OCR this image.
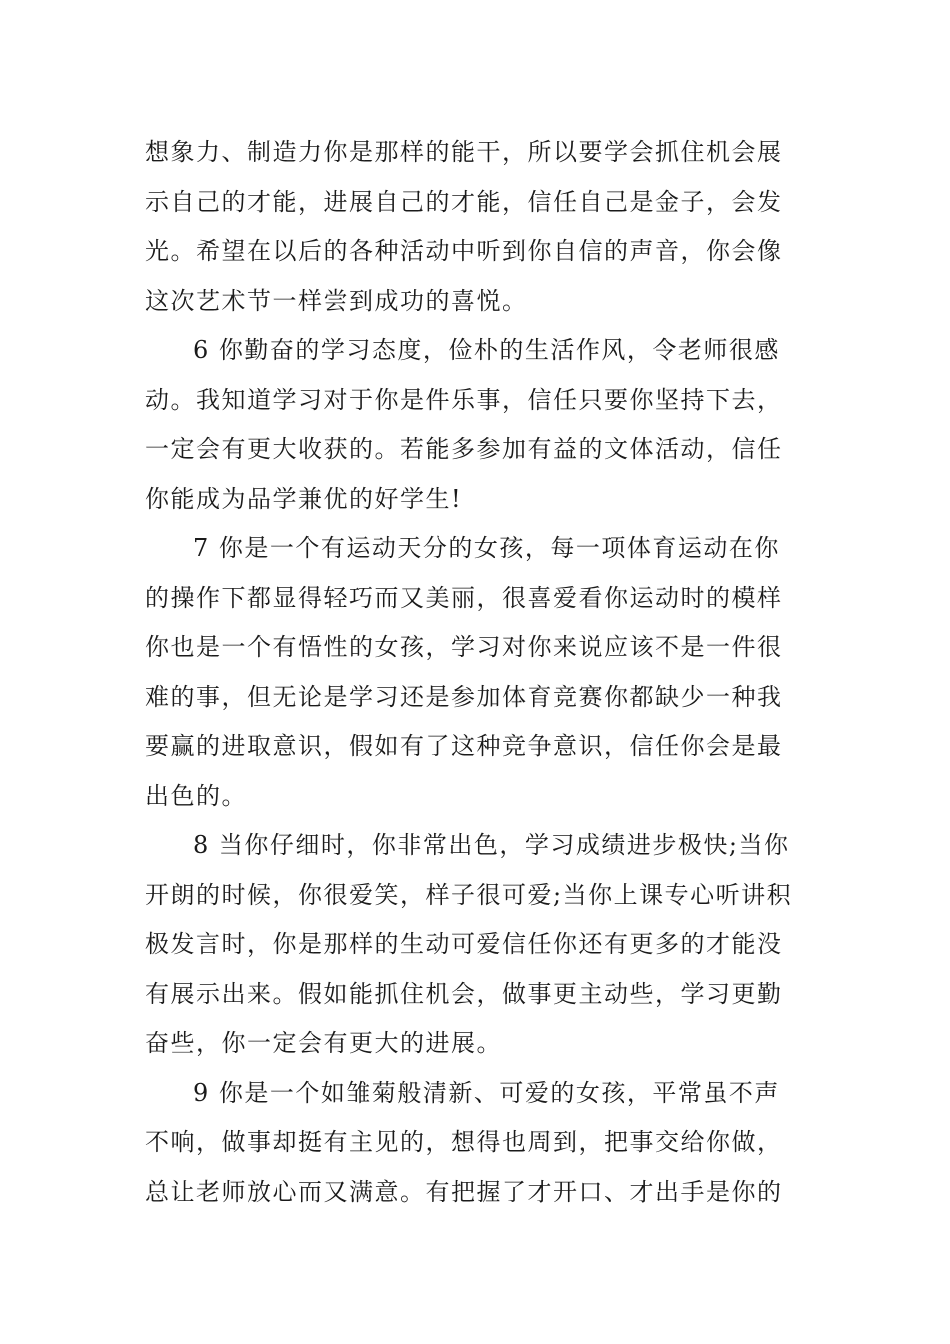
想象力、制造力你是那样的能干，所以要学会抓住机会展
示自己的才能，进展自己的才能，信任自己是金子，会发
光。希望在以后的各种活动中听到你自信的声音，你会像
这次艺术节一样尝到成功的喜悦。
6 你勤奋的学习态度，俭朴的生活作风，令老师很感
动。我知道学习对于你是件乐事，信任只要你坚持下去，
一定会有更大收获的。若能多参加有益的文体活动，信任
你能成为品学兼优的好学生!
7 你是一个有运动天分的女孩，每一项体育运动在你
的操作下都显得轻巧而又美丽，很喜爱看你运动时的模样
你也是一个有悟性的女孩，学习对你来说应该不是一件很
难的事，但无论是学习还是参加体育竞赛你都缺少一种我
要赢的进取意识，假如有了这种竞争意识，信任你会是最
出色的。
8 当你仔细时，你非常出色，学习成绩进步极快;当你
开朗的时候，你很爱笑，样子很可爱;当你上课专心听讲积
极发言时，你是那样的生动可爱信任你还有更多的才能没
有展示出来。假如能抓住机会，做事更主动些，学习更勤
奋些，你一定会有更大的进展。
9 你是一个如雏菊般清新、可爱的女孩，平常虽不声
不响，做事却挺有主见的，想得也周到，把事交给你做，
总让老师放心而又满意。有把握了才开口、才出手是你的
